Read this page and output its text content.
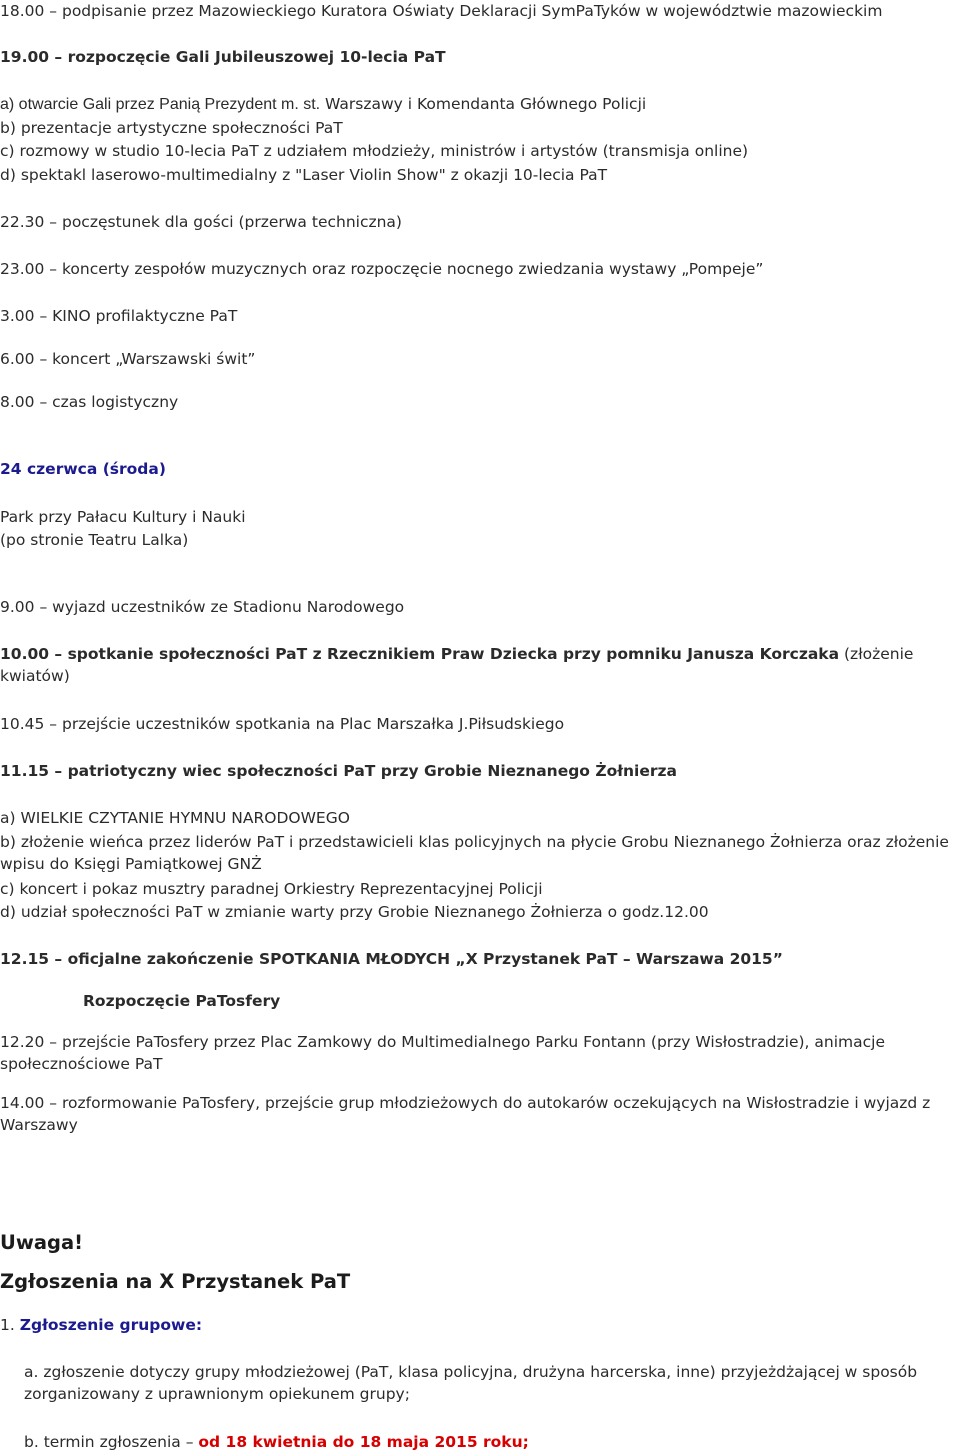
18.00 – podpisanie przez Mazowieckiego Kuratora Oświaty Deklaracji SymPaTyków w województwie mazowieckim

19.00 – rozpoczęcie Gali Jubileuszowej 10-lecia PaT

a) otwarcie Gali przez Panią Prezydent m. st. Warszawy i Komendanta Głównego Policji

b) prezentacje artystyczne społeczności PaT

c) rozmowy w studio 10-lecia PaT z udziałem młodzieży, ministrów i artystów (transmisja online)

d) spektakl laserowo-multimedialny z "Laser Violin Show" z okazji 10-lecia PaT

22.30 – poczęstunek dla gości (przerwa techniczna)

23.00 – koncerty zespołów muzycznych oraz rozpoczęcie nocnego zwiedzania wystawy „Pompeje”

3.00 – KINO profilaktyczne PaT

6.00 – koncert „Warszawski świt”

8.00 – czas logistyczny

24 czerwca (środa)

Park przy Pałacu Kultury i Nauki

(po stronie Teatru Lalka)

9.00 – wyjazd uczestników ze Stadionu Narodowego

10.00 – spotkanie społeczności PaT z Rzecznikiem Praw Dziecka przy pomniku Janusza Korczaka (złożenie kwiatów)

10.45 – przejście uczestników spotkania na Plac Marszałka J.Piłsudskiego

11.15 – patriotyczny wiec społeczności PaT przy Grobie Nieznanego Żołnierza

a) WIELKIE CZYTANIE HYMNU NARODOWEGO

b) złożenie wieńca przez liderów PaT i przedstawicieli klas policyjnych na płycie Grobu Nieznanego Żołnierza oraz złożenie wpisu do Księgi Pamiątkowej GNŻ

c) koncert i pokaz musztry paradnej Orkiestry Reprezentacyjnej Policji

d) udział społeczności PaT w zmianie warty przy Grobie Nieznanego Żołnierza o godz.12.00

12.15 – oficjalne zakończenie SPOTKANIA MŁODYCH „X Przystanek PaT – Warszawa 2015”

Rozpoczęcie PaTosfery

12.20 – przejście PaTosfery przez Plac Zamkowy do Multimedialnego Parku Fontann (przy Wisłostradzie), animacje społecznościowe PaT

14.00 – rozformowanie PaTosfery, przejście grup młodzieżowych do autokarów oczekujących na Wisłostradzie i wyjazd z Warszawy

Uwaga!

Zgłoszenia na X Przystanek PaT

1. Zgłoszenie grupowe:

a. zgłoszenie dotyczy grupy młodzieżowej (PaT, klasa policyjna, drużyna harcerska, inne) przyjeżdżającej w sposób zorganizowany z uprawnionym opiekunem grupy;

b. termin zgłoszenia – od 18 kwietnia do 18 maja 2015 roku;
